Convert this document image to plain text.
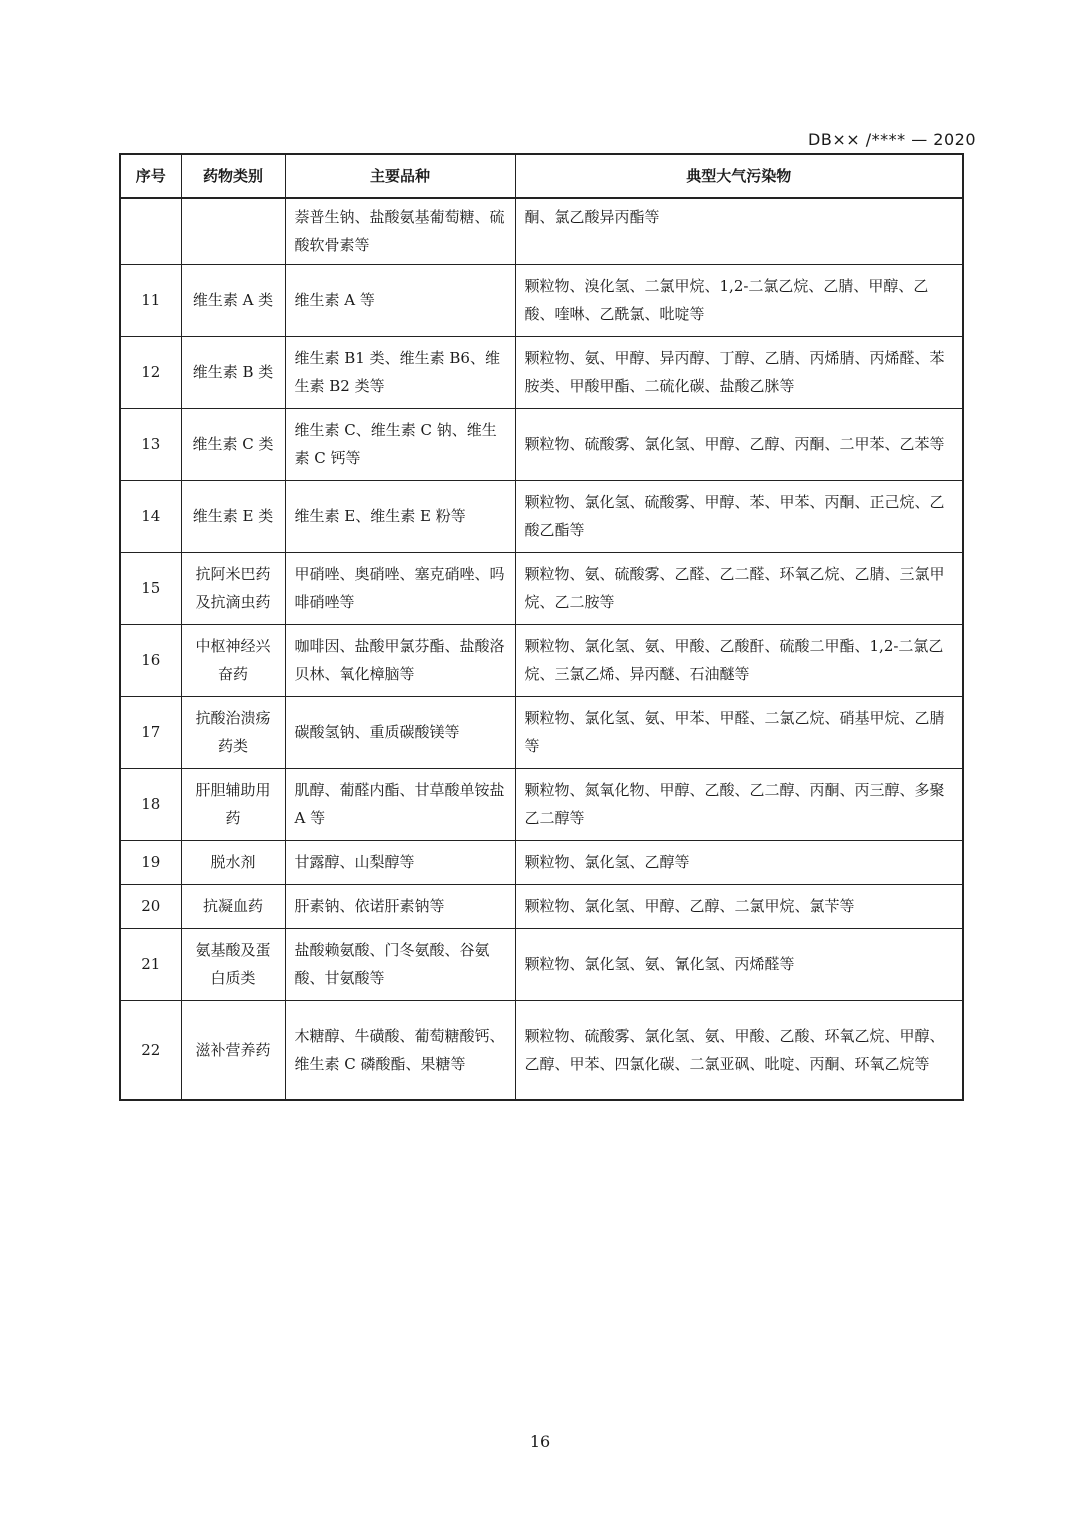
DB×× /**** — 2020
序号	药物类别	主要品种	典型大气污染物
		萘普生钠、盐酸氨基葡萄糖、硫酸软骨素等	酮、氯乙酸异丙酯等
11	维生素 A 类	维生素 A 等	颗粒物、溴化氢、二氯甲烷、1,2-二氯乙烷、乙腈、甲醇、乙酸、喹啉、乙酰氯、吡啶等
12	维生素 B 类	维生素 B1 类、维生素 B6、维生素 B2 类等	颗粒物、氨、甲醇、异丙醇、丁醇、乙腈、丙烯腈、丙烯醛、苯胺类、甲酸甲酯、二硫化碳、盐酸乙脒等
13	维生素 C 类	维生素 C、维生素 C 钠、维生素 C 钙等	颗粒物、硫酸雾、氯化氢、甲醇、乙醇、丙酮、二甲苯、乙苯等
14	维生素 E 类	维生素 E、维生素 E 粉等	颗粒物、氯化氢、硫酸雾、甲醇、苯、甲苯、丙酮、正己烷、乙酸乙酯等
15	抗阿米巴药及抗滴虫药	甲硝唑、奥硝唑、塞克硝唑、吗啡硝唑等	颗粒物、氨、硫酸雾、乙醛、乙二醛、环氧乙烷、乙腈、三氯甲烷、乙二胺等
16	中枢神经兴奋药	咖啡因、盐酸甲氯芬酯、盐酸洛贝林、氧化樟脑等	颗粒物、氯化氢、氨、甲酸、乙酸酐、硫酸二甲酯、1,2-二氯乙烷、三氯乙烯、异丙醚、石油醚等
17	抗酸治溃疡药类	碳酸氢钠、重质碳酸镁等	颗粒物、氯化氢、氨、甲苯、甲醛、二氯乙烷、硝基甲烷、乙腈等
18	肝胆辅助用药	肌醇、葡醛内酯、甘草酸单铵盐 A 等	颗粒物、氮氧化物、甲醇、乙酸、乙二醇、丙酮、丙三醇、多聚乙二醇等
19	脱水剂	甘露醇、山梨醇等	颗粒物、氯化氢、乙醇等
20	抗凝血药	肝素钠、依诺肝素钠等	颗粒物、氯化氢、甲醇、乙醇、二氯甲烷、氯苄等
21	氨基酸及蛋白质类	盐酸赖氨酸、门冬氨酸、谷氨酸、甘氨酸等	颗粒物、氯化氢、氨、氰化氢、丙烯醛等
22	滋补营养药	木糖醇、牛磺酸、葡萄糖酸钙、维生素 C 磷酸酯、果糖等	颗粒物、硫酸雾、氯化氢、氨、甲酸、乙酸、环氧乙烷、甲醇、乙醇、甲苯、四氯化碳、二氯亚砜、吡啶、丙酮、环氧乙烷等
16
